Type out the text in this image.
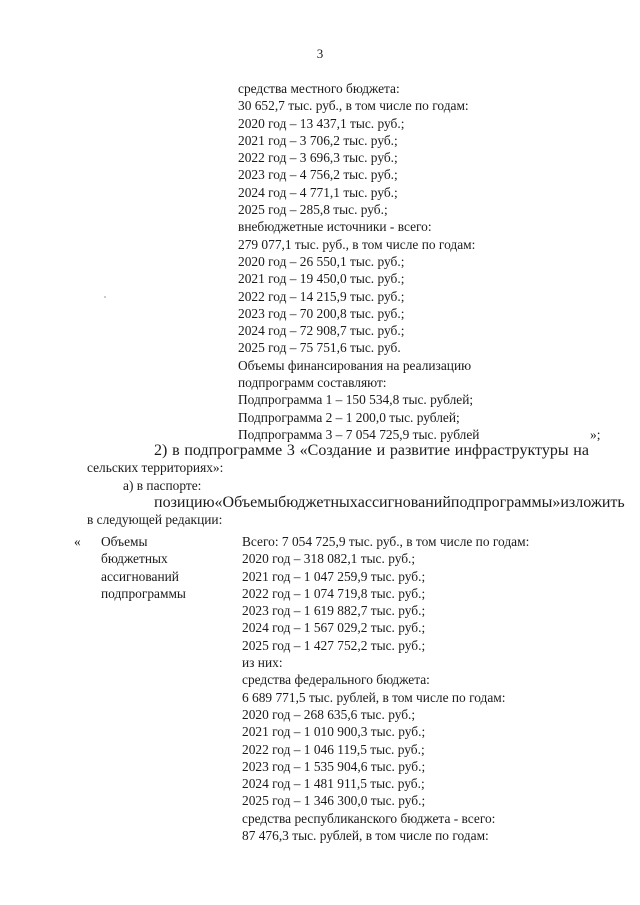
3
средства местного бюджета:
30 652,7 тыс. руб., в том числе по годам:
2020 год – 13 437,1 тыс. руб.;
2021 год – 3 706,2 тыс. руб.;
2022 год – 3 696,3 тыс. руб.;
2023 год – 4 756,2 тыс. руб.;
2024 год – 4 771,1 тыс. руб.;
2025 год – 285,8 тыс. руб.;
внебюджетные источники - всего:
279 077,1 тыс. руб., в том числе по годам:
2020 год – 26 550,1 тыс. руб.;
2021 год – 19 450,0 тыс. руб.;
2022 год – 14 215,9 тыс. руб.;
2023 год – 70 200,8 тыс. руб.;
2024 год – 72 908,7 тыс. руб.;
2025 год – 75 751,6 тыс. руб.
Объемы финансирования на реализацию
подпрограмм составляют:
Подпрограмма 1 – 150 534,8 тыс. рублей;
Подпрограмма 2 – 1 200,0 тыс. рублей;
Подпрограмма 3 – 7 054 725,9 тыс. рублей	»;
2) в подпрограмме 3 «Создание и развитие инфраструктуры на
сельских территориях»:
а) в паспорте:
позицию «Объемы бюджетных ассигнований подпрограммы» изложить
в следующей редакции:
« Объемы
бюджетных
ассигнований
подпрограммы
Всего: 7 054 725,9 тыс. руб., в том числе по годам:
2020 год – 318 082,1 тыс. руб.;
2021 год – 1 047 259,9 тыс. руб.;
2022 год – 1 074 719,8 тыс. руб.;
2023 год – 1 619 882,7 тыс. руб.;
2024 год – 1 567 029,2 тыс. руб.;
2025 год – 1 427 752,2 тыс. руб.;
из них:
средства федерального бюджета:
6 689 771,5 тыс. рублей, в том числе по годам:
2020 год – 268 635,6 тыс. руб.;
2021 год – 1 010 900,3 тыс. руб.;
2022 год – 1 046 119,5 тыс. руб.;
2023 год – 1 535 904,6 тыс. руб.;
2024 год – 1 481 911,5 тыс. руб.;
2025 год – 1 346 300,0 тыс. руб.;
средства республиканского бюджета - всего:
87 476,3 тыс. рублей, в том числе по годам:
